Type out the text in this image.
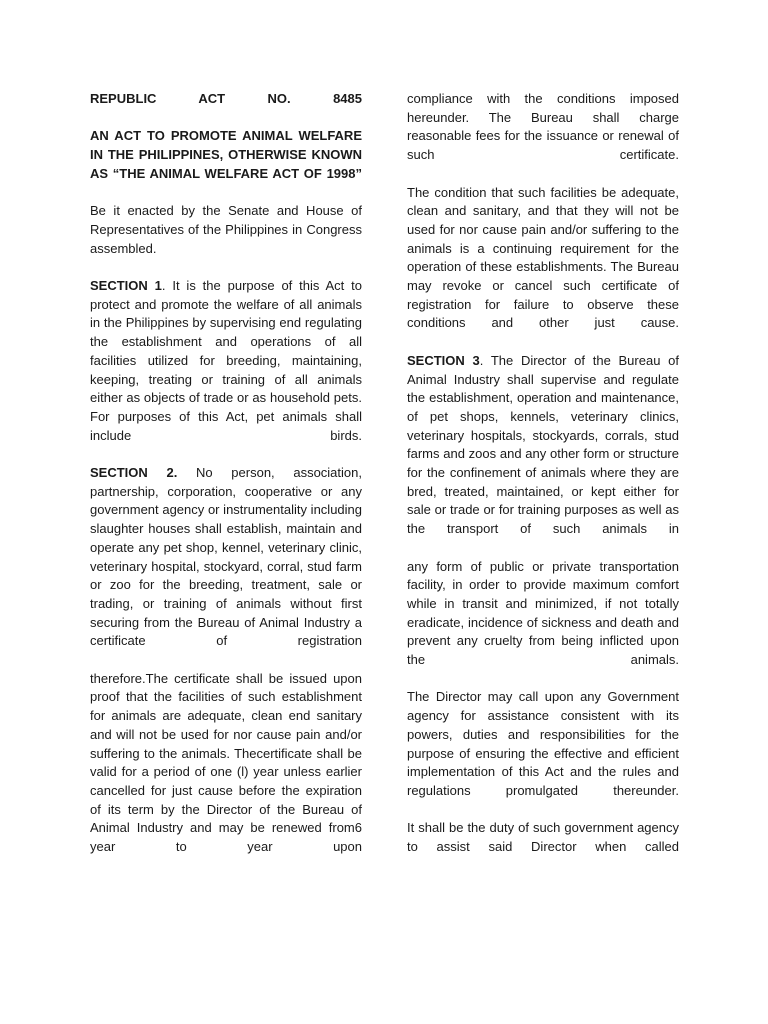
REPUBLIC ACT NO. 8485

AN ACT TO PROMOTE ANIMAL WELFARE IN THE PHILIPPINES, OTHERWISE KNOWN AS “THE ANIMAL WELFARE ACT OF 1998”

Be it enacted by the Senate and House of Representatives of the Philippines in Congress assembled.

SECTION 1. It is the purpose of this Act to protect and promote the welfare of all animals in the Philippines by supervising end regulating the establishment and operations of all facilities utilized for breeding, maintaining, keeping, treating or training of all animals either as objects of trade or as household pets. For purposes of this Act, pet animals shall include birds.

SECTION 2. No person, association, partnership, corporation, cooperative or any government agency or instrumentality including slaughter houses shall establish, maintain and operate any pet shop, kennel, veterinary clinic, veterinary hospital, stockyard, corral, stud farm or zoo for the breeding, treatment, sale or trading, or training of animals without first securing from the Bureau of Animal Industry a certificate of registration

therefore.The certificate shall be issued upon proof that the facilities of such establishment for animals are adequate, clean end sanitary and will not be used for nor cause pain and/or suffering to the animals. Thecertificate shall be valid for a period of one (l) year unless earlier cancelled for just cause before the expiration of its term by the Director of the Bureau of Animal Industry and may be renewed from6 year to year upon

compliance with the conditions imposed hereunder. The Bureau shall charge reasonable fees for the issuance or renewal of such certificate.

The condition that such facilities be adequate, clean and sanitary, and that they will not be used for nor cause pain and/or suffering to the animals is a continuing requirement for the operation of these establishments. The Bureau may revoke or cancel such certificate of registration for failure to observe these conditions and other just cause.

SECTION 3. The Director of the Bureau of Animal Industry shall supervise and regulate the establishment, operation and maintenance, of pet shops, kennels, veterinary clinics, veterinary hospitals, stockyards, corrals, stud farms and zoos and any other form or structure for the confinement of animals where they are bred, treated, maintained, or kept either for sale or trade or for training purposes as well as the transport of such animals in

any form of public or private transportation facility, in order to provide maximum comfort while in transit and minimized, if not totally eradicate, incidence of sickness and death and prevent any cruelty from being inflicted upon the animals.

The Director may call upon any Government agency for assistance consistent with its powers, duties and responsibilities for the purpose of ensuring the effective and efficient implementation of this Act and the rules and regulations promulgated thereunder.

It shall be the duty of such government agency to assist said Director when called
